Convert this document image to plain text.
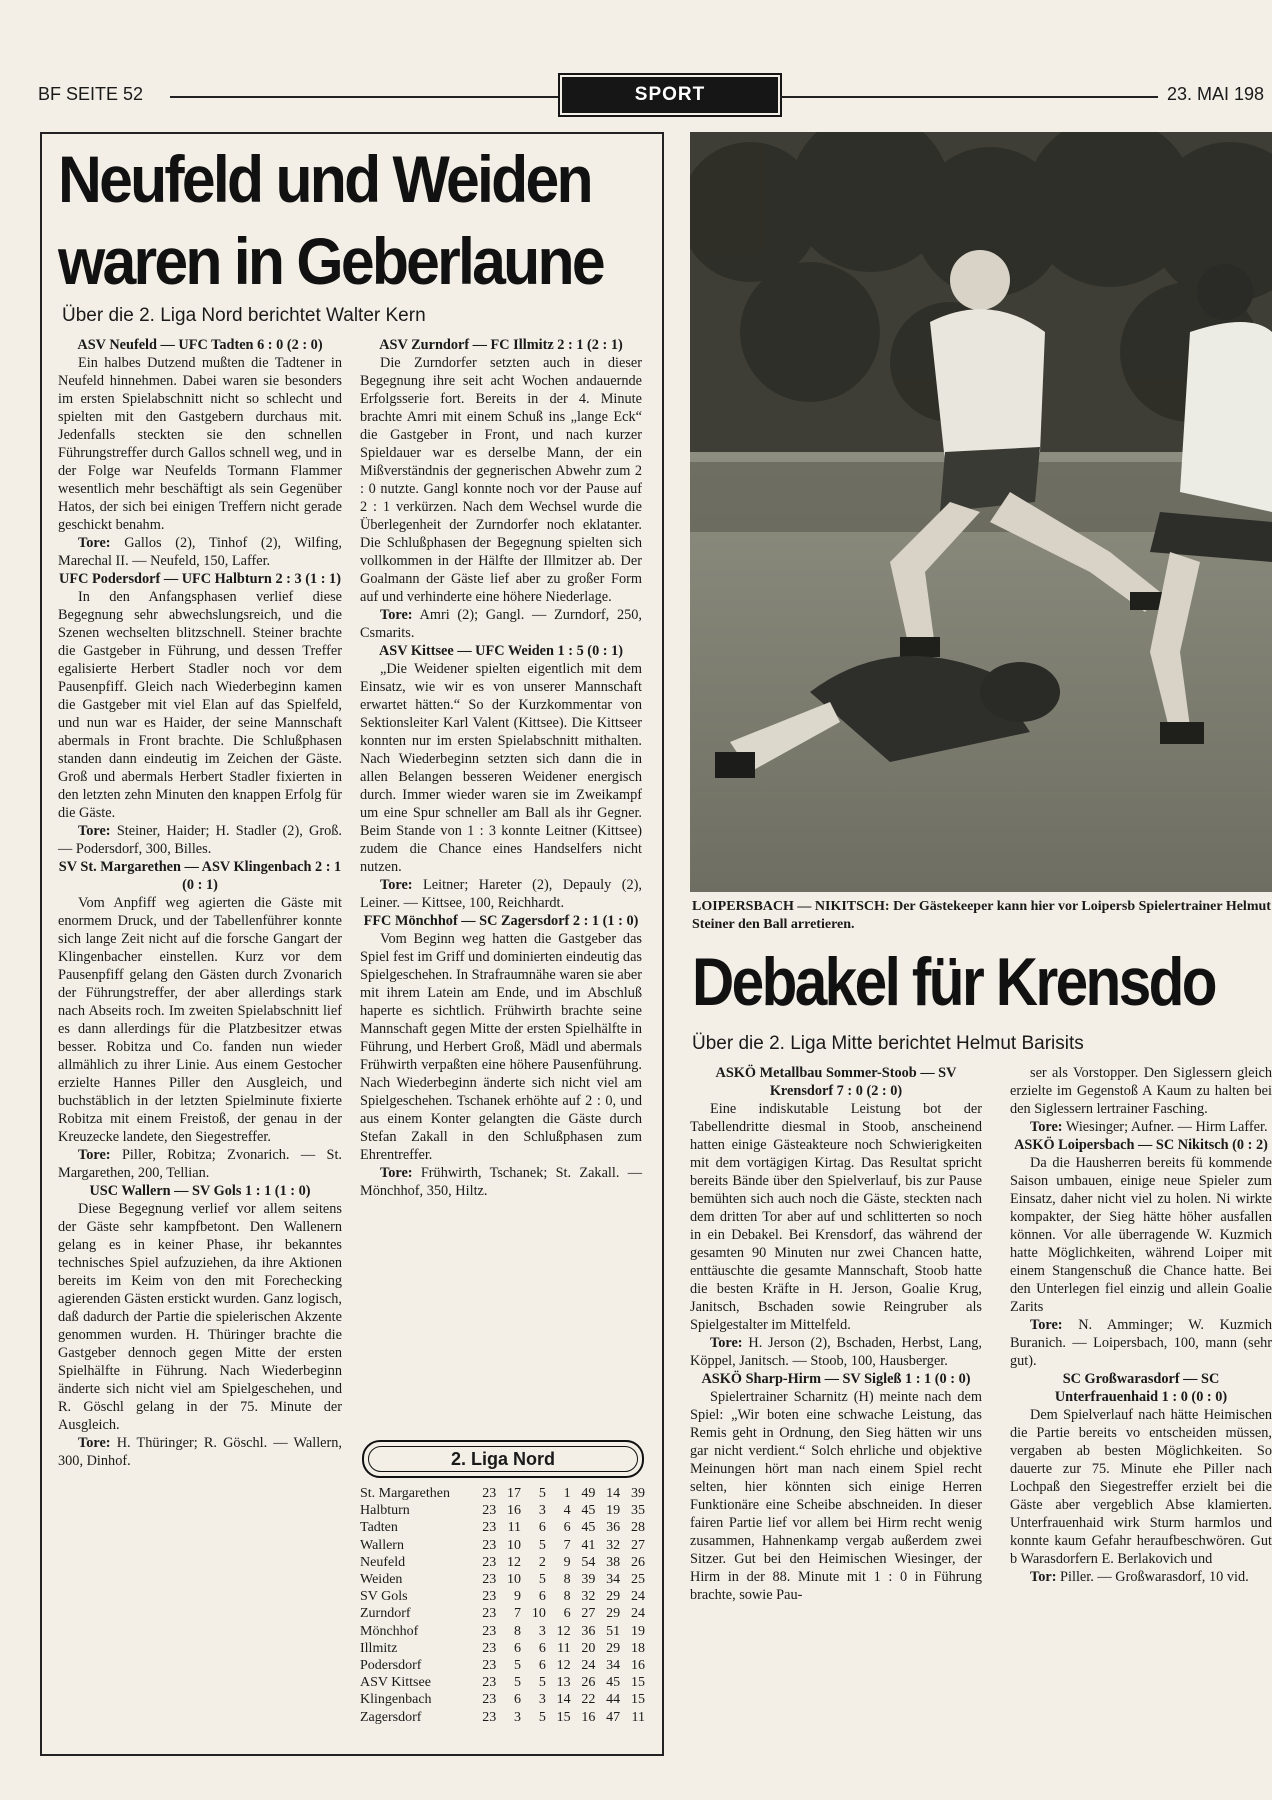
BF SEITE 52	SPORT	23. MAI 198
Neufeld und Weiden
waren in Geberlaune
Über die 2. Liga Nord berichtet Walter Kern

ASV Neufeld — UFC Tadten 6 : 0 (2 : 0)

Ein halbes Dutzend mußten die Tadtener in Neufeld hinnehmen. Dabei waren sie besonders im ersten Spielabschnitt nicht so schlecht und spielten mit den Gastgebern durchaus mit. Jedenfalls steckten sie den schnellen Führungstreffer durch Gallos schnell weg, und in der Folge war Neufelds Tormann Flammer wesentlich mehr beschäftigt als sein Gegenüber Hatos, der sich bei einigen Treffern nicht gerade geschickt benahm.

Tore: Gallos (2), Tinhof (2), Wilfing, Marechal II. — Neufeld, 150, Laffer.

UFC Podersdorf — UFC Halbturn 2 : 3 (1 : 1)

In den Anfangsphasen verlief diese Begegnung sehr abwechslungsreich, und die Szenen wechselten blitzschnell. Steiner brachte die Gastgeber in Führung, und dessen Treffer egalisierte Herbert Stadler noch vor dem Pausenpfiff. Gleich nach Wiederbeginn kamen die Gastgeber mit viel Elan auf das Spielfeld, und nun war es Haider, der seine Mannschaft abermals in Front brachte. Die Schlußphasen standen dann eindeutig im Zeichen der Gäste. Groß und abermals Herbert Stadler fixierten in den letzten zehn Minuten den knappen Erfolg für die Gäste.

Tore: Steiner, Haider; H. Stadler (2), Groß. — Podersdorf, 300, Billes.

SV St. Margarethen — ASV Klingenbach 2 : 1 (0 : 1)

Vom Anpfiff weg agierten die Gäste mit enormem Druck, und der Tabellenführer konnte sich lange Zeit nicht auf die forsche Gangart der Klingenbacher einstellen. Kurz vor dem Pausenpfiff gelang den Gästen durch Zvonarich der Führungstreffer, der aber allerdings stark nach Abseits roch. Im zweiten Spielabschnitt lief es dann allerdings für die Platzbesitzer etwas besser. Robitza und Co. fanden nun wieder allmählich zu ihrer Linie. Aus einem Gestocher erzielte Hannes Piller den Ausgleich, und buchstäblich in der letzten Spielminute fixierte Robitza mit einem Freistoß, der genau in der Kreuzecke landete, den Siegestreffer.

Tore: Piller, Robitza; Zvonarich. — St. Margarethen, 200, Tellian.

USC Wallern — SV Gols 1 : 1 (1 : 0)

Diese Begegnung verlief vor allem seitens der Gäste sehr kampfbetont. Den Wallenern gelang es in keiner Phase, ihr bekanntes technisches Spiel aufzuziehen, da ihre Aktionen bereits im Keim von den mit Forechecking agierenden Gästen erstickt wurden. Ganz logisch, daß dadurch der Partie die spielerischen Akzente genommen wurden. H. Thüringer brachte die Gastgeber dennoch gegen Mitte der ersten Spielhälfte in Führung. Nach Wiederbeginn änderte sich nicht viel am Spielgeschehen, und R. Göschl gelang in der 75. Minute der Ausgleich.

Tore: H. Thüringer; R. Göschl. — Wallern, 300, Dinhof.

ASV Zurndorf — FC Illmitz 2 : 1 (2 : 1)

Die Zurndorfer setzten auch in dieser Begegnung ihre seit acht Wochen andauernde Erfolgsserie fort. Bereits in der 4. Minute brachte Amri mit einem Schuß ins „lange Eck“ die Gastgeber in Front, und nach kurzer Spieldauer war es derselbe Mann, der ein Mißverständnis der gegnerischen Abwehr zum 2 : 0 nutzte. Gangl konnte noch vor der Pause auf 2 : 1 verkürzen. Nach dem Wechsel wurde die Überlegenheit der Zurndorfer noch eklatanter. Die Schlußphasen der Begegnung spielten sich vollkommen in der Hälfte der Illmitzer ab. Der Goalmann der Gäste lief aber zu großer Form auf und verhinderte eine höhere Niederlage.

Tore: Amri (2); Gangl. — Zurndorf, 250, Csmarits.

ASV Kittsee — UFC Weiden 1 : 5 (0 : 1)

„Die Weidener spielten eigentlich mit dem Einsatz, wie wir es von unserer Mannschaft erwartet hätten.“ So der Kurzkommentar von Sektionsleiter Karl Valent (Kittsee). Die Kittseer konnten nur im ersten Spielabschnitt mithalten. Nach Wiederbeginn setzten sich dann die in allen Belangen besseren Weidener energisch durch. Immer wieder waren sie im Zweikampf um eine Spur schneller am Ball als ihr Gegner. Beim Stande von 1 : 3 konnte Leitner (Kittsee) zudem die Chance eines Handselfers nicht nutzen.

Tore: Leitner; Hareter (2), Depauly (2), Leiner. — Kittsee, 100, Reichhardt.

FFC Mönchhof — SC Zagersdorf 2 : 1 (1 : 0)

Vom Beginn weg hatten die Gastgeber das Spiel fest im Griff und dominierten eindeutig das Spielgeschehen. In Strafraumnähe waren sie aber mit ihrem Latein am Ende, und im Abschluß haperte es sichtlich. Frühwirth brachte seine Mannschaft gegen Mitte der ersten Spielhälfte in Führung, und Herbert Groß, Mädl und abermals Frühwirth verpaßten eine höhere Pausenführung. Nach Wiederbeginn änderte sich nicht viel am Spielgeschehen. Tschanek erhöhte auf 2 : 0, und aus einem Konter gelangten die Gäste durch Stefan Zakall in den Schlußphasen zum Ehrentreffer.

Tore: Frühwirth, Tschanek; St. Zakall. — Mönchhof, 350, Hiltz.

2. Liga Nord
St. Margarethen	23	17	5	1	49	14	39
Halbturn	23	16	3	4	45	19	35
Tadten	23	11	6	6	45	36	28
Wallern	23	10	5	7	41	32	27
Neufeld	23	12	2	9	54	38	26
Weiden	23	10	5	8	39	34	25
SV Gols	23	9	6	8	32	29	24
Zurndorf	23	7	10	6	27	29	24
Mönchhof	23	8	3	12	36	51	19
Illmitz	23	6	6	11	20	29	18
Podersdorf	23	5	6	12	24	34	16
ASV Kittsee	23	5	5	13	26	45	15
Klingenbach	23	6	3	14	22	44	15
Zagersdorf	23	3	5	15	16	47	11
LOIPERSBACH — NIKITSCH: Der Gästekeeper kann hier vor Loipersb Spielertrainer Helmut Steiner den Ball arretieren.
Debakel für Krensdo
Über die 2. Liga Mitte berichtet Helmut Barisits

ASKÖ Metallbau Sommer-Stoob — SV Krensdorf 7 : 0 (2 : 0)

Eine indiskutable Leistung bot der Tabellendritte diesmal in Stoob, anscheinend hatten einige Gästeakteure noch Schwierigkeiten mit dem vortägigen Kirtag. Das Resultat spricht bereits Bände über den Spielverlauf, bis zur Pause bemühten sich auch noch die Gäste, steckten nach dem dritten Tor aber auf und schlitterten so noch in ein Debakel. Bei Krensdorf, das während der gesamten 90 Minuten nur zwei Chancen hatte, enttäuschte die gesamte Mannschaft, Stoob hatte die besten Kräfte in H. Jerson, Goalie Krug, Janitsch, Bschaden sowie Reingruber als Spielgestalter im Mittelfeld.

Tore: H. Jerson (2), Bschaden, Herbst, Lang, Köppel, Janitsch. — Stoob, 100, Hausberger.

ASKÖ Sharp-Hirm — SV Sigleß 1 : 1 (0 : 0)

Spielertrainer Scharnitz (H) meinte nach dem Spiel: „Wir boten eine schwache Leistung, das Remis geht in Ordnung, den Sieg hätten wir uns gar nicht verdient.“ Solch ehrliche und objektive Meinungen hört man nach einem Spiel recht selten, hier könnten sich einige Herren Funktionäre eine Scheibe abschneiden. In dieser fairen Partie lief vor allem bei Hirm recht wenig zusammen, Hahnenkamp vergab außerdem zwei Sitzer. Gut bei den Heimischen Wiesinger, der Hirm in der 88. Minute mit 1 : 0 in Führung brachte, sowie Pau-

ser als Vorstopper. Den Siglessern gleich erzielte im Gegenstoß A Kaum zu halten bei den Siglessern lertrainer Fasching.

Tore: Wiesinger; Aufner. — Hirm Laffer.

ASKÖ Loipersbach — SC Nikitsch (0 : 2)

Da die Hausherren bereits fü kommende Saison umbauen, einige neue Spieler zum Einsatz, daher nicht viel zu holen. Ni wirkte kompakter, der Sieg hätte höher ausfallen können. Vor alle überragende W. Kuzmich hatte Möglichkeiten, während Loiper mit einem Stangenschuß die Chance hatte. Bei den Unterlegen fiel einzig und allein Goalie Zarits

Tore: N. Amminger; W. Kuzmich Buranich. — Loipersbach, 100, mann (sehr gut).

SC Großwarasdorf — SC Unterfrauenhaid 1 : 0 (0 : 0)

Dem Spielverlauf nach hätte Heimischen die Partie bereits vo entscheiden müssen, vergaben ab besten Möglichkeiten. So dauerte zur 75. Minute ehe Piller nach Lochpaß den Siegestreffer erzielt bei die Gäste aber vergeblich Abse klamierten. Unterfrauenhaid wirk Sturm harmlos und konnte kaum Gefahr heraufbeschwören. Gut b Warasdorfern E. Berlakovich und

Tor: Piller. — Großwarasdorf, 10 vid.
